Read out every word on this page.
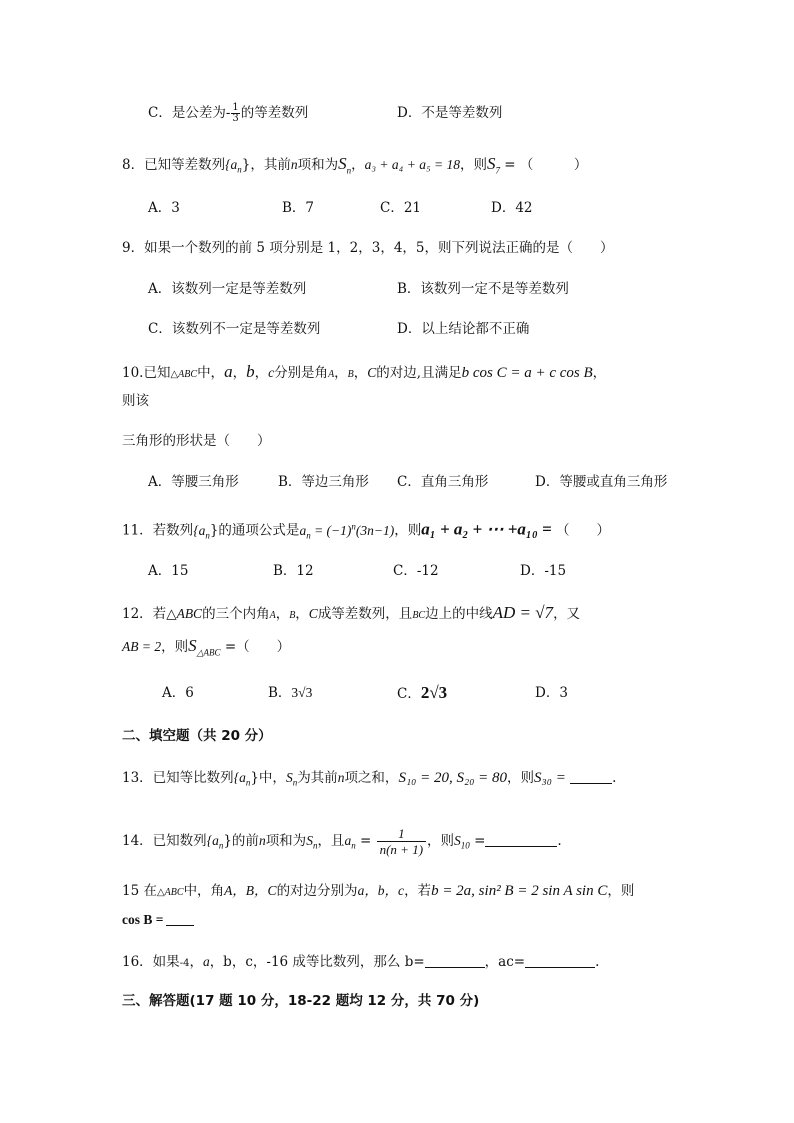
C．是公差为- $\frac{1}{3}$ 的等差数列	D．不是等差数列
8．已知等差数列$\{a_n\}$，其前n项和为$S_n$，a₃ + a₄ + a₅ = 18，则$S_7$ = （　　　）
A．3	B．7	C．21	D．42
9．如果一个数列的前 5 项分别是 1，2，3，4，5，则下列说法正确的是（　　）
A．该数列一定是等差数列	B．该数列一定不是等差数列
C．该数列不一定是等差数列	D．以上结论都不正确
10.已知△ABC中，a，b，c分别是角A，B，C的对边,且满足b cos C = a + c cos B，
则该
三角形的形状是（　　）
A．等腰三角形	B．等边三角形 C．直角三角形	D．等腰或直角三角形
11．若数列$\{a_n\}$的通项公式是$a_n = (-1)^n(3n-1)$，则a₁ + a₂ + ⋯ +a₁₀ = （　　）
A．15	B．12	C．-12	D．-15
12．若△ABC的三个内角A，B，C成等差数列，且BC边上的中线AD = √7，又
AB = 2，则$S_{\triangle ABC}$ =（　　）
A．6	B．3√3	C．2√3	D．3
二、填空题（共 20 分）
13．已知等比数列$\{a_n\}$中，$S_n$为其前n项之和，S₁₀ = 20, S₂₀ = 80，则S₃₀ =	.
14．已知数列$\{a_n\}$的前n项和为$S_n$，且$a_n = \frac{1}{n(n + 1)}$ ，则$S_{10}$ =	.
15 在△ABC中，角A，B，C的对边分别为a，b，c，若b = 2a, sin² B = 2 sin A sin C，则
cos B =
16．如果-4，a，b，c，-16 成等比数列，那么 b=	，ac=	.
三、解答题(17 题 10 分，18-22 题均 12 分，共 70 分)
